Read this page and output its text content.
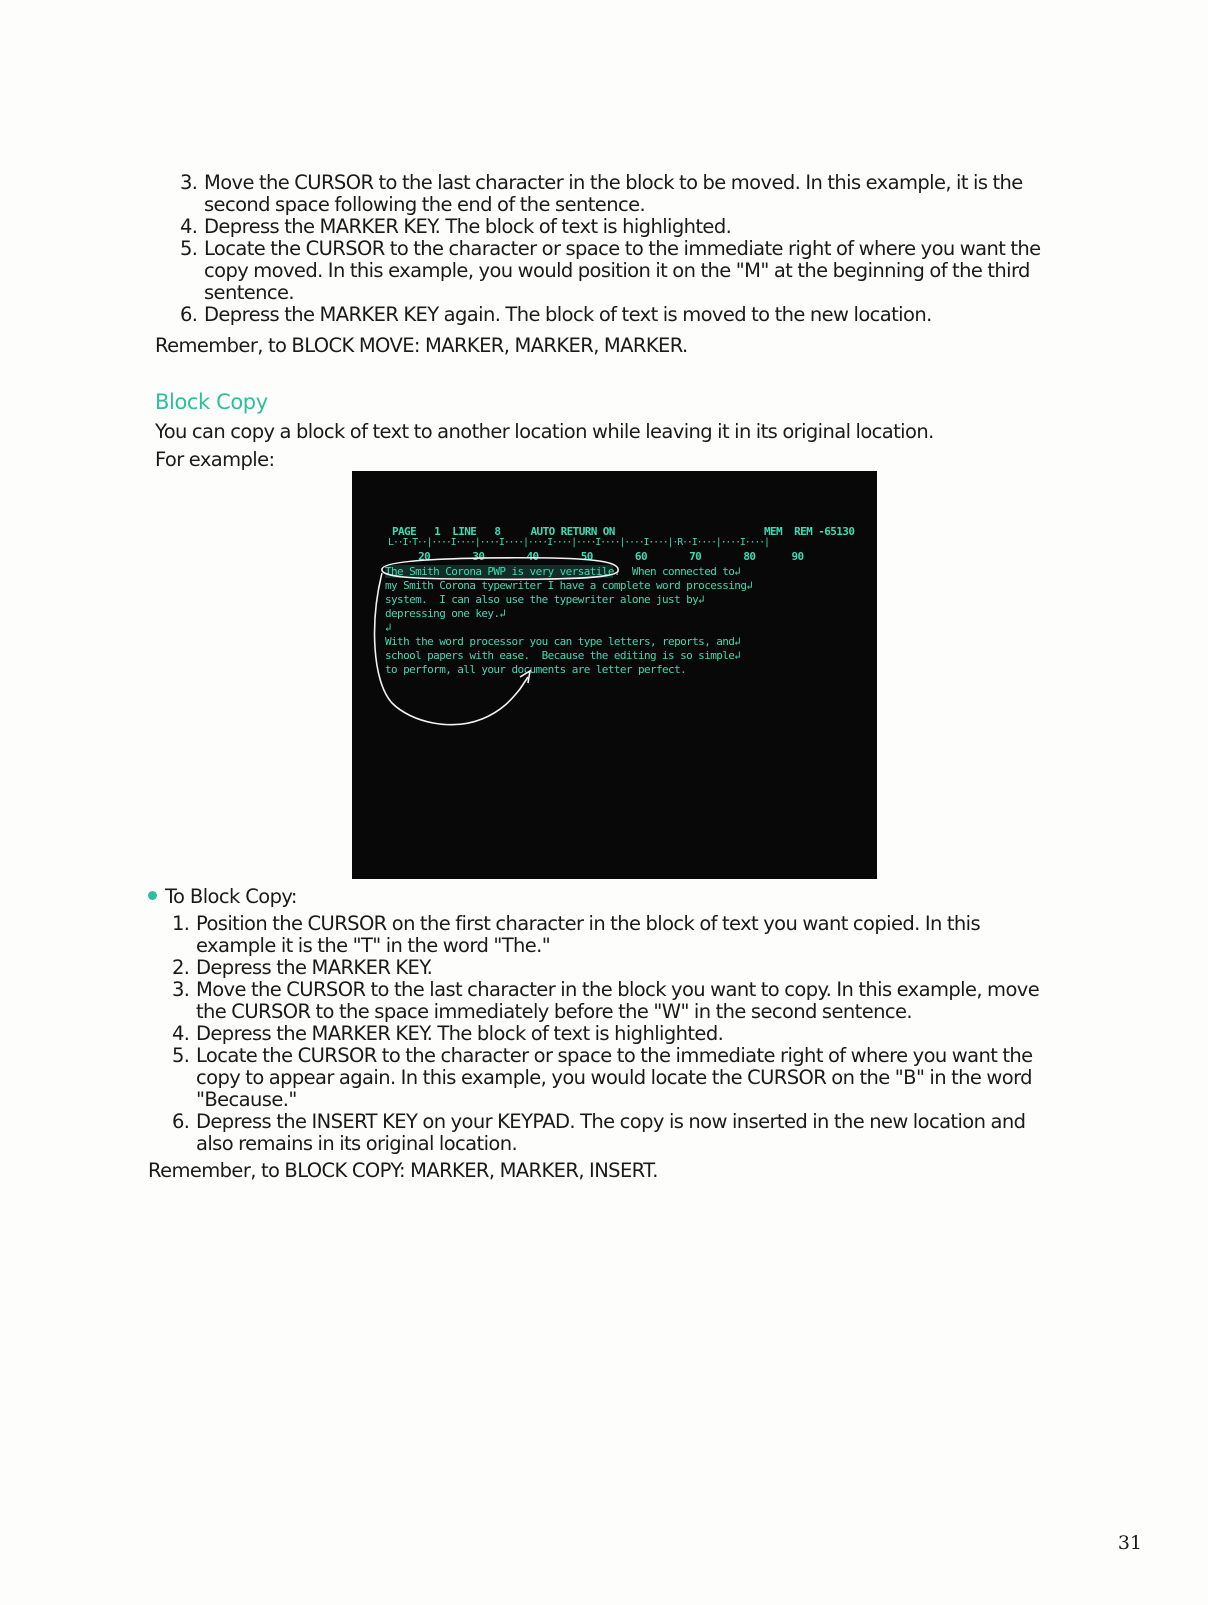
3. Move the CURSOR to the last character in the block to be moved. In this example, it is the second space following the end of the sentence.
4. Depress the MARKER KEY. The block of text is highlighted.
5. Locate the CURSOR to the character or space to the immediate right of where you want the copy moved. In this example, you would position it on the "M" at the beginning of the third sentence.
6. Depress the MARKER KEY again. The block of text is moved to the new location.

Remember, to BLOCK MOVE: MARKER, MARKER, MARKER.

Block Copy

You can copy a block of text to another location while leaving it in its original location.

For example:

PAGE   1  LINE   8     AUTO RETURN ON	MEM  REM -65130
L··I·T··|····I····|····I····|····I····|····I····|····I····|·R··I····|····I····|
20       30       40       50       60       70       80      90
The Smith Corona PWP is very versatile.  When connected to↲
my Smith Corona typewriter I have a complete word processing↲
system.  I can also use the typewriter alone just by↲
depressing one key.↲
↲
With the word processor you can type letters, reports, and↲
school papers with ease.  Because the editing is so simple↲
to perform, all your documents are letter perfect.
To Block Copy:
1. Position the CURSOR on the first character in the block of text you want copied. In this example it is the "T" in the word "The."
2. Depress the MARKER KEY.
3. Move the CURSOR to the last character in the block you want to copy. In this example, move the CURSOR to the space immediately before the "W" in the second sentence.
4. Depress the MARKER KEY. The block of text is highlighted.
5. Locate the CURSOR to the character or space to the immediate right of where you want the copy to appear again. In this example, you would locate the CURSOR on the "B" in the word "Because."
6. Depress the INSERT KEY on your KEYPAD. The copy is now inserted in the new location and also remains in its original location.

Remember, to BLOCK COPY: MARKER, MARKER, INSERT.

31
